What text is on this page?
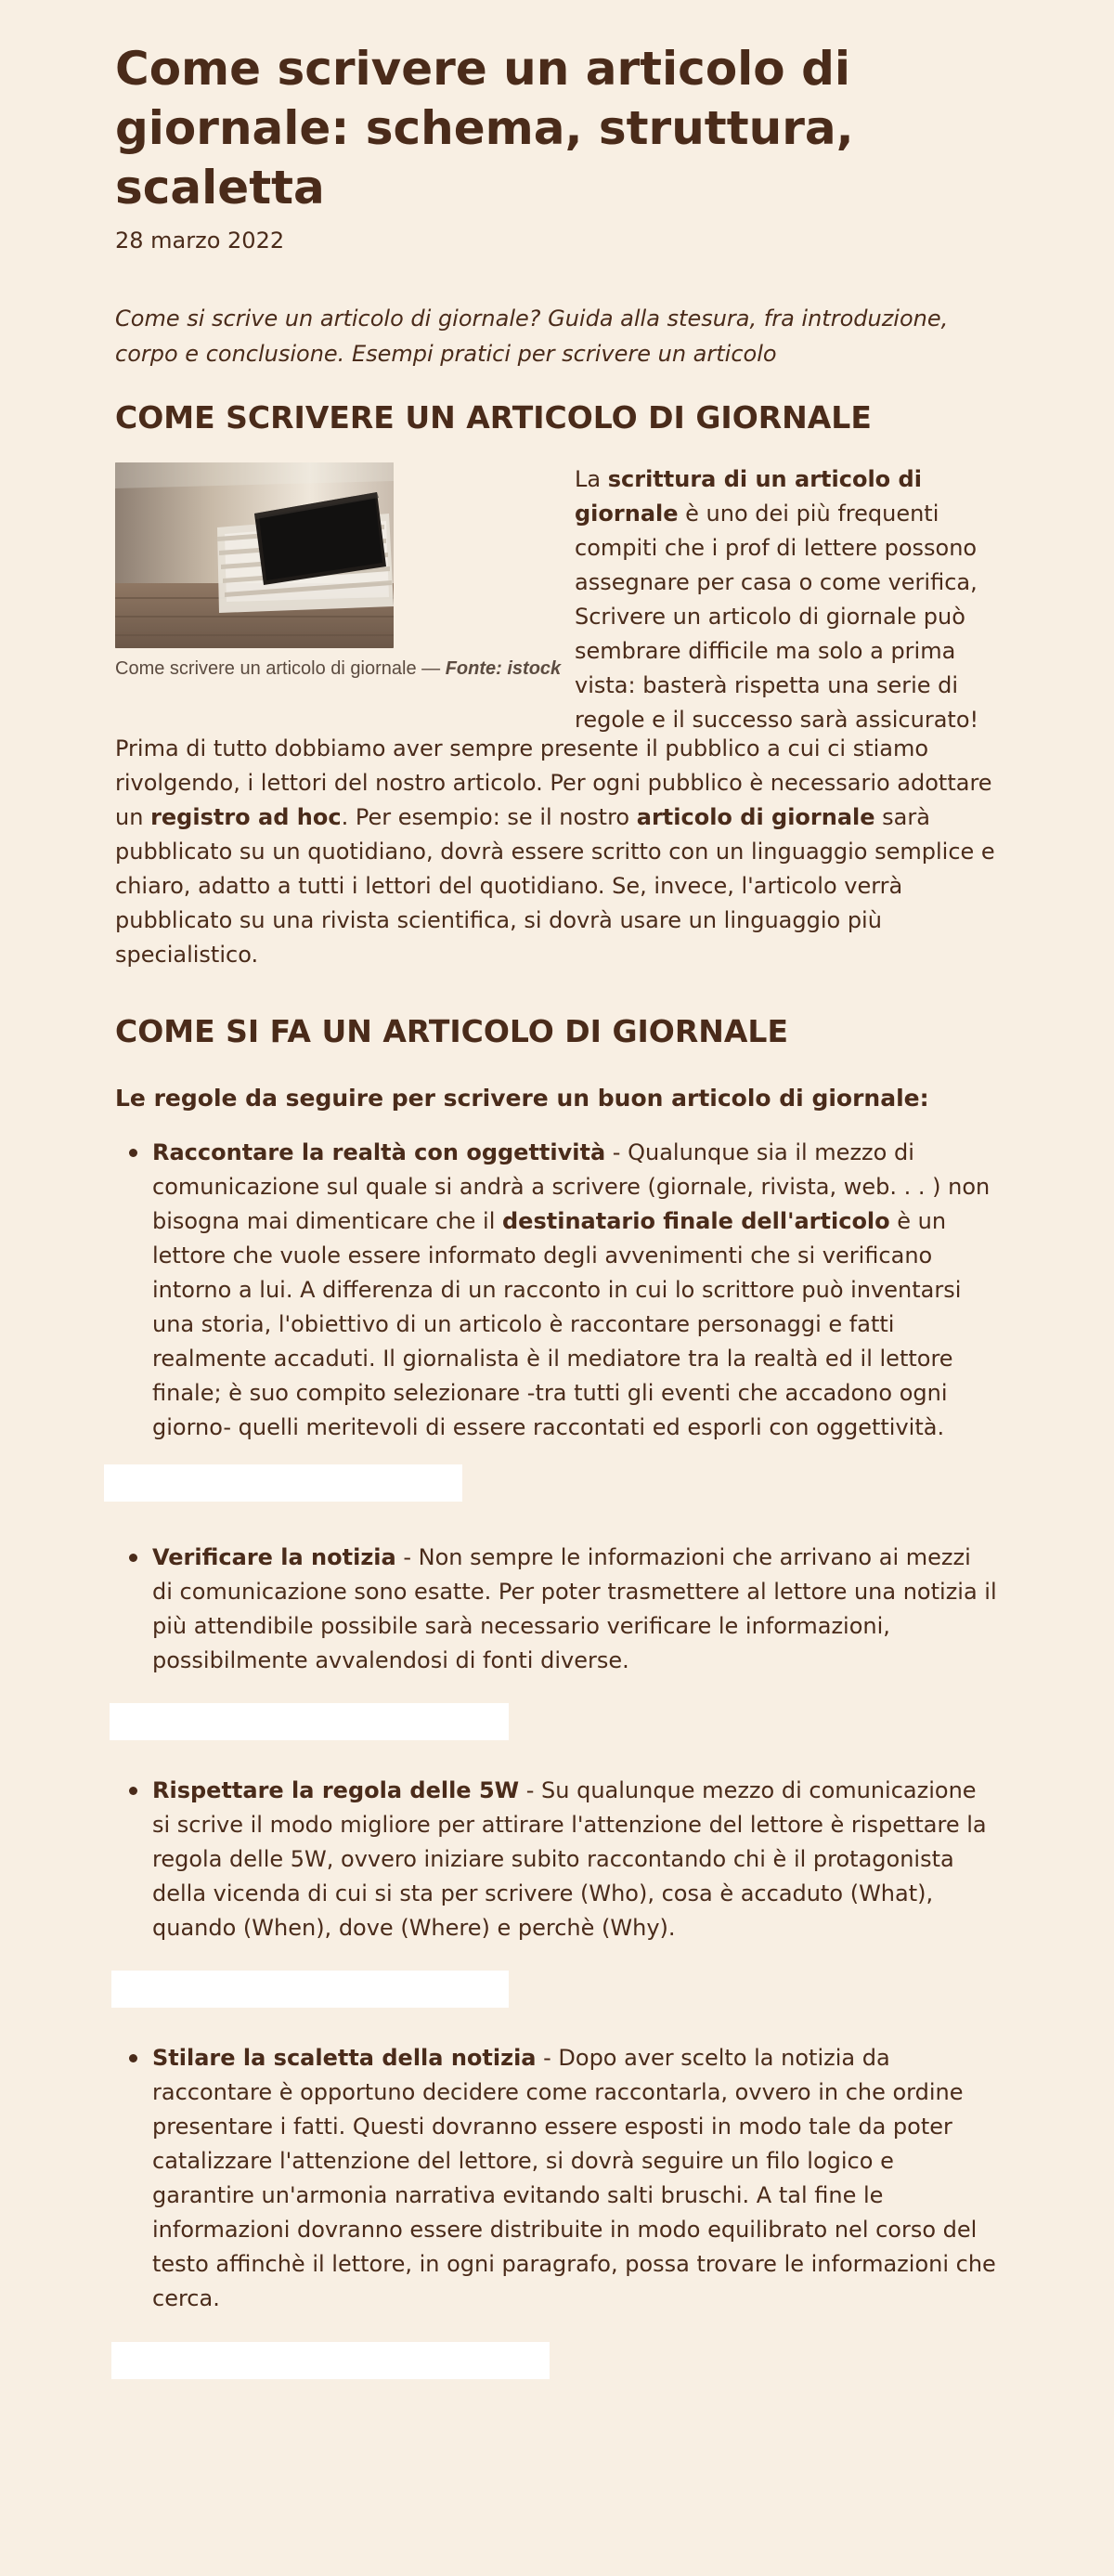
Come scrivere un articolo di giornale: schema, struttura, scaletta
28 marzo 2022
Come si scrive un articolo di giornale? Guida alla stesura, fra introduzione, corpo e conclusione. Esempi pratici per scrivere un articolo
COME SCRIVERE UN ARTICOLO DI GIORNALE
Come scrivere un articolo di giornale — Fonte: istock
La scrittura di un articolo di giornale è uno dei più frequenti compiti che i prof di lettere possono assegnare per casa o come verifica, Scrivere un articolo di giornale può sembrare difficile ma solo a prima vista: basterà rispetta una serie di regole e il successo sarà assicurato!

Prima di tutto dobbiamo aver sempre presente il pubblico a cui ci stiamo rivolgendo, i lettori del nostro articolo. Per ogni pubblico è necessario adottare un registro ad hoc. Per esempio: se il nostro articolo di giornale sarà pubblicato su un quotidiano, dovrà essere scritto con un linguaggio semplice e chiaro, adatto a tutti i lettori del quotidiano. Se, invece, l'articolo verrà pubblicato su una rivista scientifica, si dovrà usare un linguaggio più specialistico.

COME SI FA UN ARTICOLO DI GIORNALE
Le regole da seguire per scrivere un buon articolo di giornale:
Raccontare la realtà con oggettività - Qualunque sia il mezzo di comunicazione sul quale si andrà a scrivere (giornale, rivista, web. . . ) non bisogna mai dimenticare che il destinatario finale dell'articolo è un lettore che vuole essere informato degli avvenimenti che si verificano intorno a lui. A differenza di un racconto in cui lo scrittore può inventarsi una storia, l'obiettivo di un articolo è raccontare personaggi e fatti realmente accaduti. Il giornalista è il mediatore tra la realtà ed il lettore finale; è suo compito selezionare -tra tutti gli eventi che accadono ogni giorno- quelli meritevoli di essere raccontati ed esporli con oggettività.
Verificare la notizia - Non sempre le informazioni che arrivano ai mezzi di comunicazione sono esatte. Per poter trasmettere al lettore una notizia il più attendibile possibile sarà necessario verificare le informazioni, possibilmente avvalendosi di fonti diverse.
Rispettare la regola delle 5W - Su qualunque mezzo di comunicazione si scrive il modo migliore per attirare l'attenzione del lettore è rispettare la regola delle 5W, ovvero iniziare subito raccontando chi è il protagonista della vicenda di cui si sta per scrivere (Who), cosa è accaduto (What), quando (When), dove (Where) e perchè (Why).
Stilare la scaletta della notizia - Dopo aver scelto la notizia da raccontare è opportuno decidere come raccontarla, ovvero in che ordine presentare i fatti. Questi dovranno essere esposti in modo tale da poter catalizzare l'attenzione del lettore, si dovrà seguire un filo logico e garantire un'armonia narrativa evitando salti bruschi. A tal fine le informazioni dovranno essere distribuite in modo equilibrato nel corso del testo affinchè il lettore, in ogni paragrafo, possa trovare le informazioni che cerca.
